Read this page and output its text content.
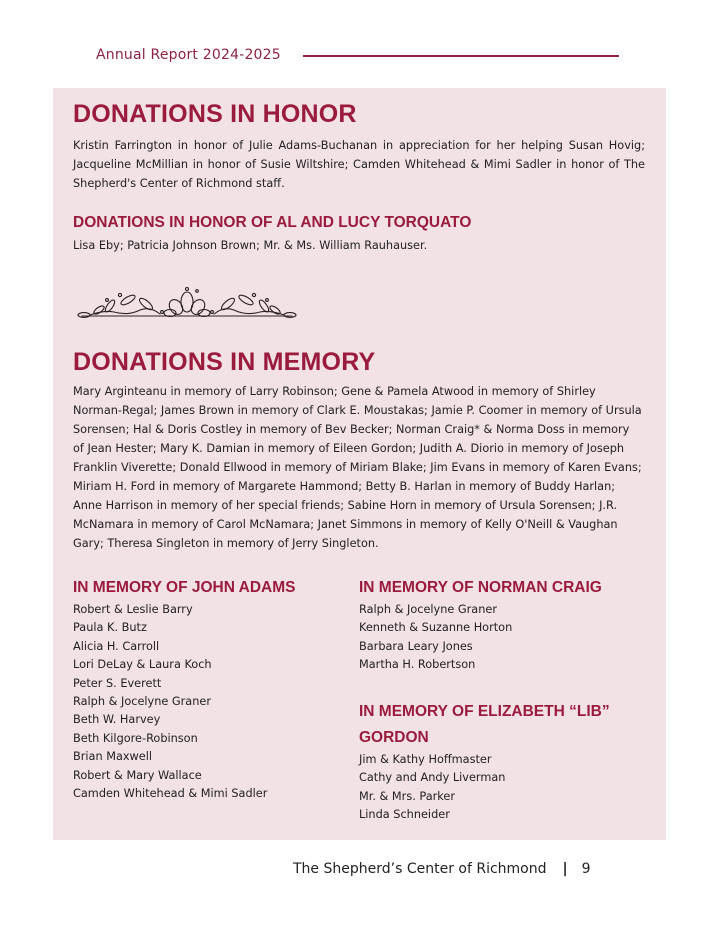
Annual Report 2024-2025
DONATIONS IN HONOR
Kristin Farrington in honor of Julie Adams-Buchanan in appreciation for her helping Susan Hovig; Jacqueline McMillian in honor of Susie Wiltshire; Camden Whitehead & Mimi Sadler in honor of The Shepherd's Center of Richmond staff.
DONATIONS IN HONOR OF AL AND LUCY TORQUATO
Lisa Eby; Patricia Johnson Brown; Mr. & Ms. William Rauhauser.
DONATIONS IN MEMORY
Mary Arginteanu in memory of Larry Robinson; Gene & Pamela Atwood in memory of Shirley Norman-Regal; James Brown in memory of Clark E. Moustakas; Jamie P. Coomer in memory of Ursula Sorensen; Hal & Doris Costley in memory of Bev Becker; Norman Craig* & Norma Doss in memory of Jean Hester; Mary K. Damian in memory of Eileen Gordon; Judith A. Diorio in memory of Joseph Franklin Viverette; Donald Ellwood in memory of Miriam Blake; Jim Evans in memory of Karen Evans; Miriam H. Ford in memory of Margarete Hammond; Betty B. Harlan in memory of Buddy Harlan; Anne Harrison in memory of her special friends; Sabine Horn in memory of Ursula Sorensen; J.R. McNamara in memory of Carol McNamara; Janet Simmons in memory of Kelly O'Neill & Vaughan Gary; Theresa Singleton in memory of Jerry Singleton.
IN MEMORY OF JOHN ADAMS
Robert & Leslie Barry
Paula K. Butz
Alicia H. Carroll
Lori DeLay & Laura Koch
Peter S. Everett
Ralph & Jocelyne Graner
Beth W. Harvey
Beth Kilgore-Robinson
Brian Maxwell
Robert & Mary Wallace
Camden Whitehead & Mimi Sadler
IN MEMORY OF NORMAN CRAIG
Ralph & Jocelyne Graner
Kenneth & Suzanne Horton
Barbara Leary Jones
Martha H. Robertson
IN MEMORY OF ELIZABETH “LIB”
GORDON
Jim & Kathy Hoffmaster
Cathy and Andy Liverman
Mr. & Mrs. Parker
Linda Schneider
The Shepherd’s Center of Richmond | 9
